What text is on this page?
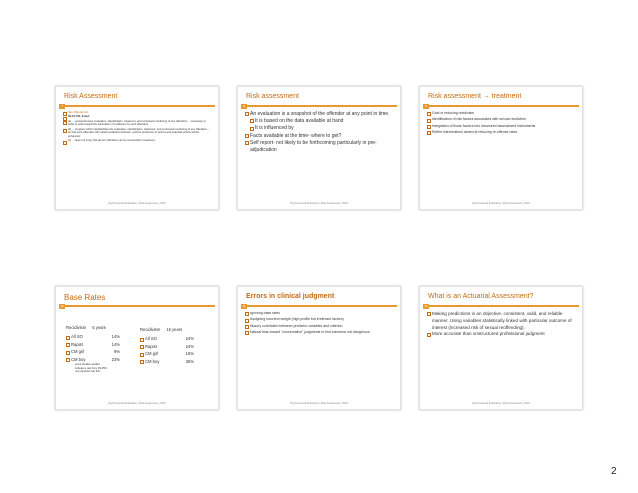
Risk Assessment
7
Sex Offender Act
39-13-702, listed:
(a) ... comprehensive evaluation, identification, treatment, and continued monitoring of sex offenders ... necessary in order to work toward the elimination of recidivism by such offenders
(b) ... program which standardizes the evaluation, identification, treatment, and continued monitoring of sex offenders ... so that such offenders will curtail recidivistic behavior, and the protection of victims and potential victims will be enhanced.
(c) ... does not imply that all sex offenders can be successful in treatment.
Psychosexual Evaluation | Risk Assessment_2016
Risk assessment
8
An evaluation is a snapshot of the offender at any point in time.
It is based on the data available at hand
It is influenced by
Facts available at the time- where to get?
Self report- not likely to be forthcoming particularly in pre-adjudication
Psychosexual Evaluation | Risk Assessment_2016
Risk assessment → treatment
9
Goal of reducing recidivism
Identification of risk factors associated with sexual recidivism
Integration of those factors into structured assessment instruments
Refine interventions aimed at reducing re-offense rates
Psychosexual Evaluation | Risk Assessment_2016
Base Rates
10
Recidivism 5 years
All SO	14%
Rapist	14%
CM girl	9%
CM boy	23%
some families studies indicate a rate from 39-45% non-reported rate first.
Recidivism 15 years
All SO	24%
Rapist	24%
CM girl	16%
CM boy	35%
Psychosexual Evaluation | Risk Assessment_2016
Errors in clinical judgment
11
Ignoring base rates
Assigning incorrect weight (high profile but irrelevant factors)
Illusory correlation between predictor variables and criterion
Natural bias toward "conservative" judgments to find someone not dangerous
Psychosexual Evaluation | Risk Assessment_2016
What is an Actuarial Assessment?
12
Making predictions in an objective, consistent, valid, and reliable manner. Using variables statistically linked with particular outcome of interest (increased risk of sexual reoffending).
More accurate than unstructured professional judgment
Psychosexual Evaluation | Risk Assessment_2016
2
